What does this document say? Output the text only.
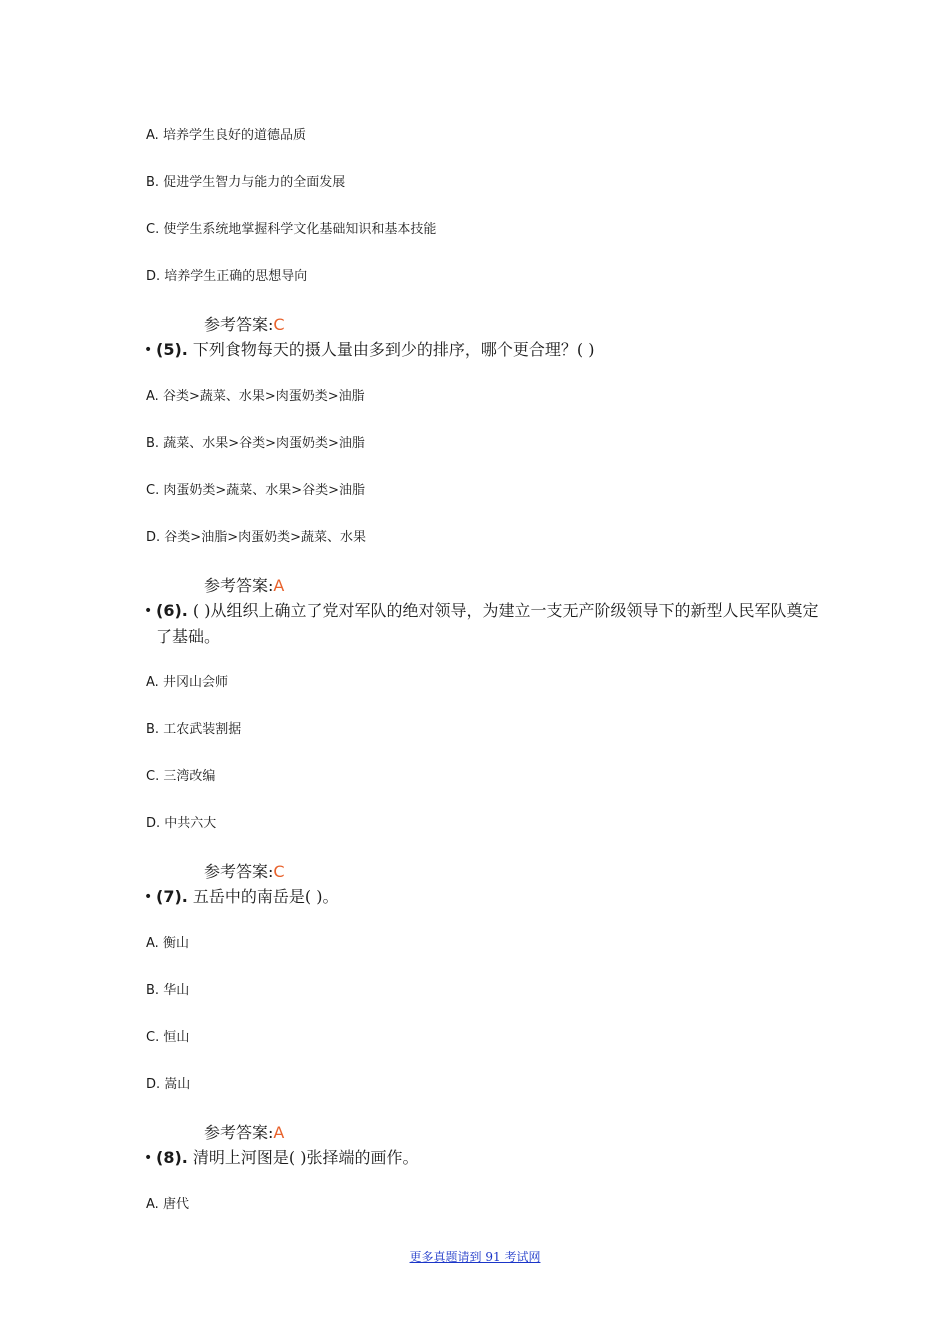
A. 培养学生良好的道德品质
B. 促进学生智力与能力的全面发展
C. 使学生系统地掌握科学文化基础知识和基本技能
D. 培养学生正确的思想导向
参考答案:C
• (5). 下列食物每天的摄人量由多到少的排序，哪个更合理？( )
A. 谷类>蔬菜、水果>肉蛋奶类>油脂
B. 蔬菜、水果>谷类>肉蛋奶类>油脂
C. 肉蛋奶类>蔬菜、水果>谷类>油脂
D. 谷类>油脂>肉蛋奶类>蔬菜、水果
参考答案:A
• (6). ( )从组织上确立了党对军队的绝对领导，为建立一支无产阶级领导下的新型人民军队奠定了基础。
A. 井冈山会师
B. 工农武装割据
C. 三湾改编
D. 中共六大
参考答案:C
• (7). 五岳中的南岳是( )。
A. 衡山
B. 华山
C. 恒山
D. 嵩山
参考答案:A
• (8). 清明上河图是( )张择端的画作。
A. 唐代
更多真题请到 91 考试网
